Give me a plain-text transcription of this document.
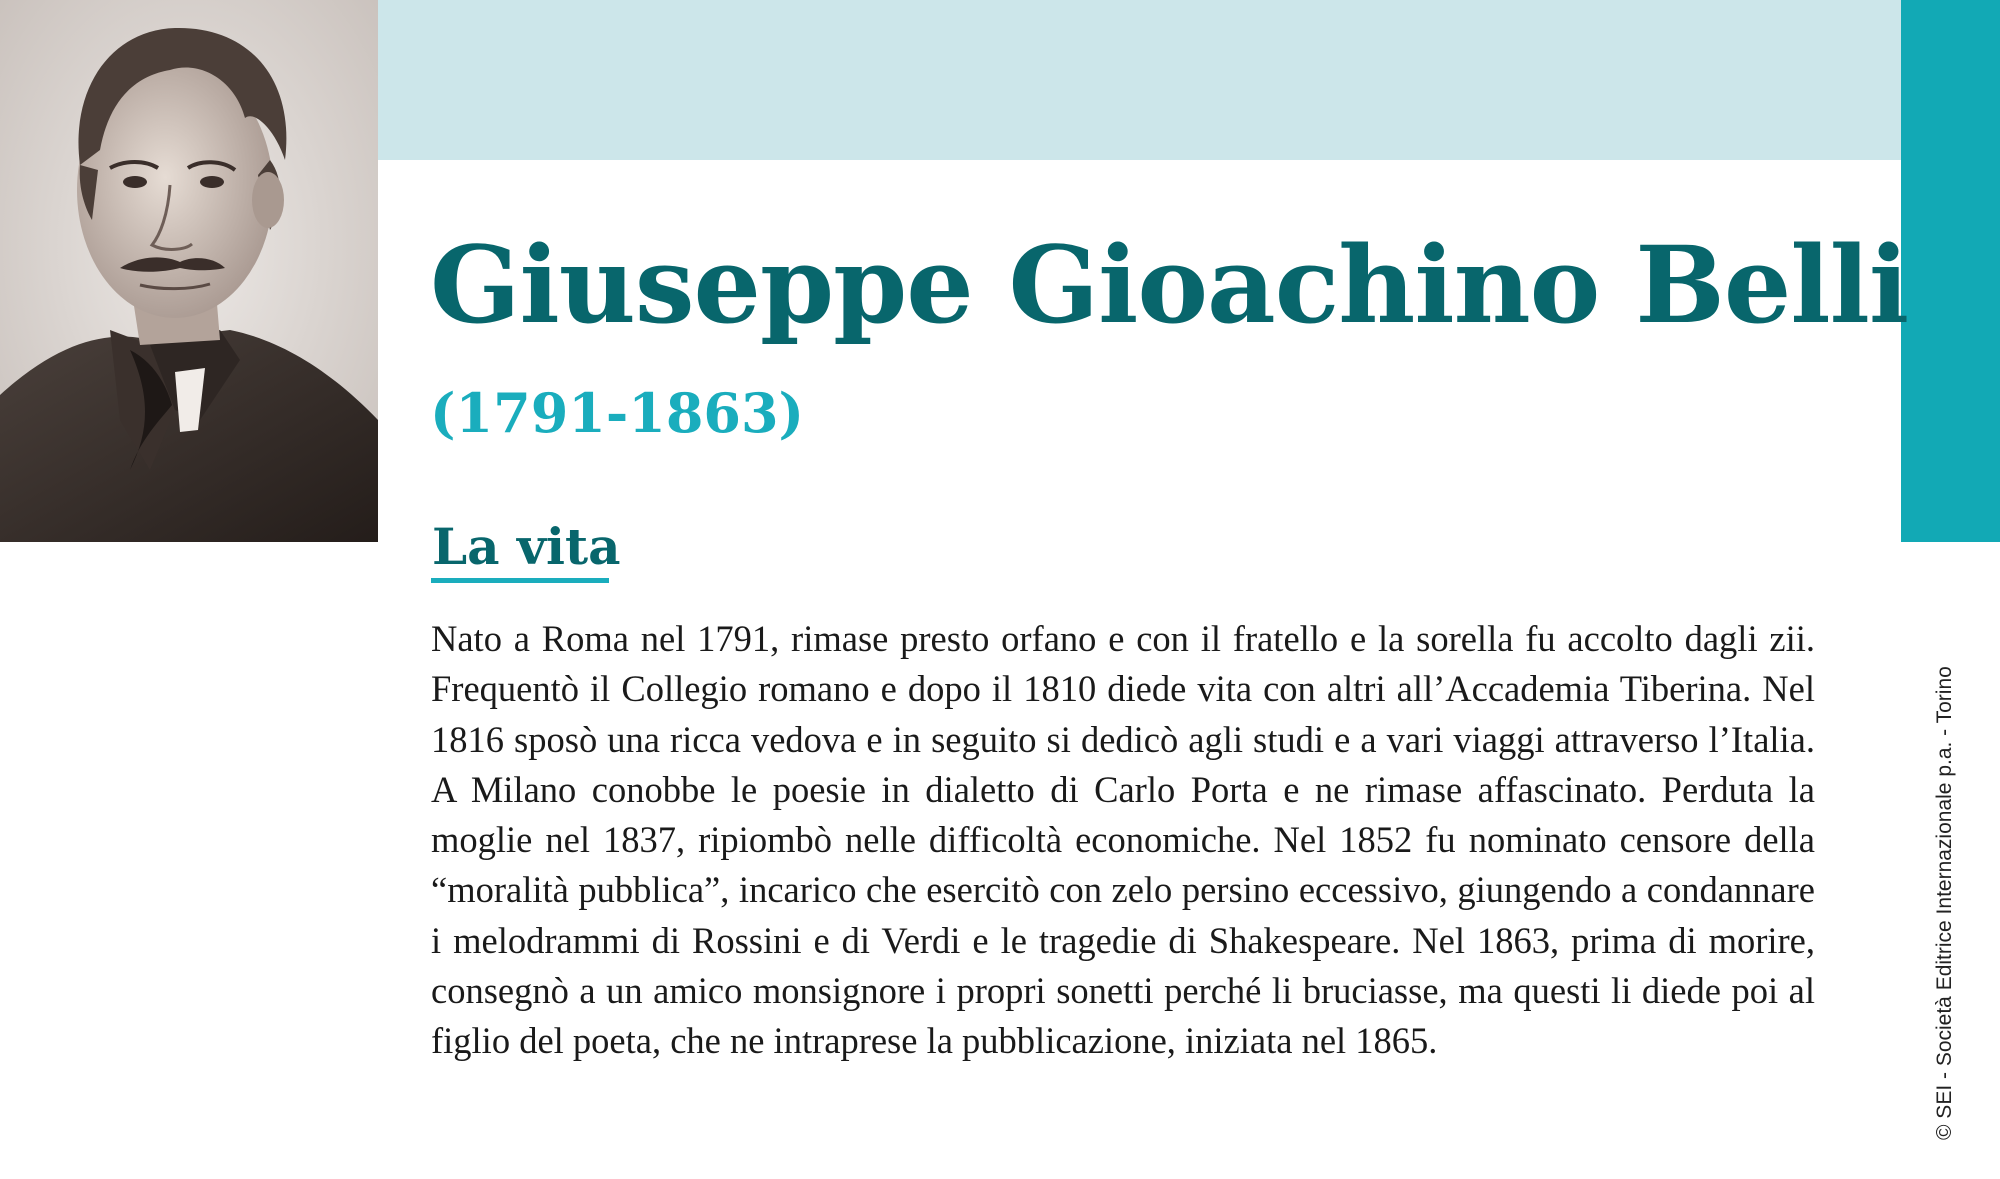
Giuseppe Gioachino Belli
(1791-1863)
La vita

Nato a Roma nel 1791, rimase presto orfano e con il fratello e la sorella fu accolto dagli zii. Frequentò il Collegio romano e dopo il 1810 diede vita con altri all’Accademia Tiberina. Nel 1816 sposò una ricca vedova e in seguito si dedicò agli studi e a vari viaggi attraverso l’Italia. A Milano conobbe le poesie in dialetto di Carlo Porta e ne rimase affascinato. Perduta la moglie nel 1837, ripiombò nelle difficoltà economiche. Nel 1852 fu nominato censore della “moralità pubblica”, incarico che esercitò con zelo persino eccessivo, giungendo a condannare i melodrammi di Rossini e di Verdi e le tragedie di Shakespeare. Nel 1863, prima di morire, consegnò a un amico monsignore i propri sonetti perché li bruciasse, ma questi li diede poi al figlio del poeta, che ne intraprese la pubblicazione, iniziata nel 1865.	© SEI - Società Editrice Internazionale p.a. - Torino
